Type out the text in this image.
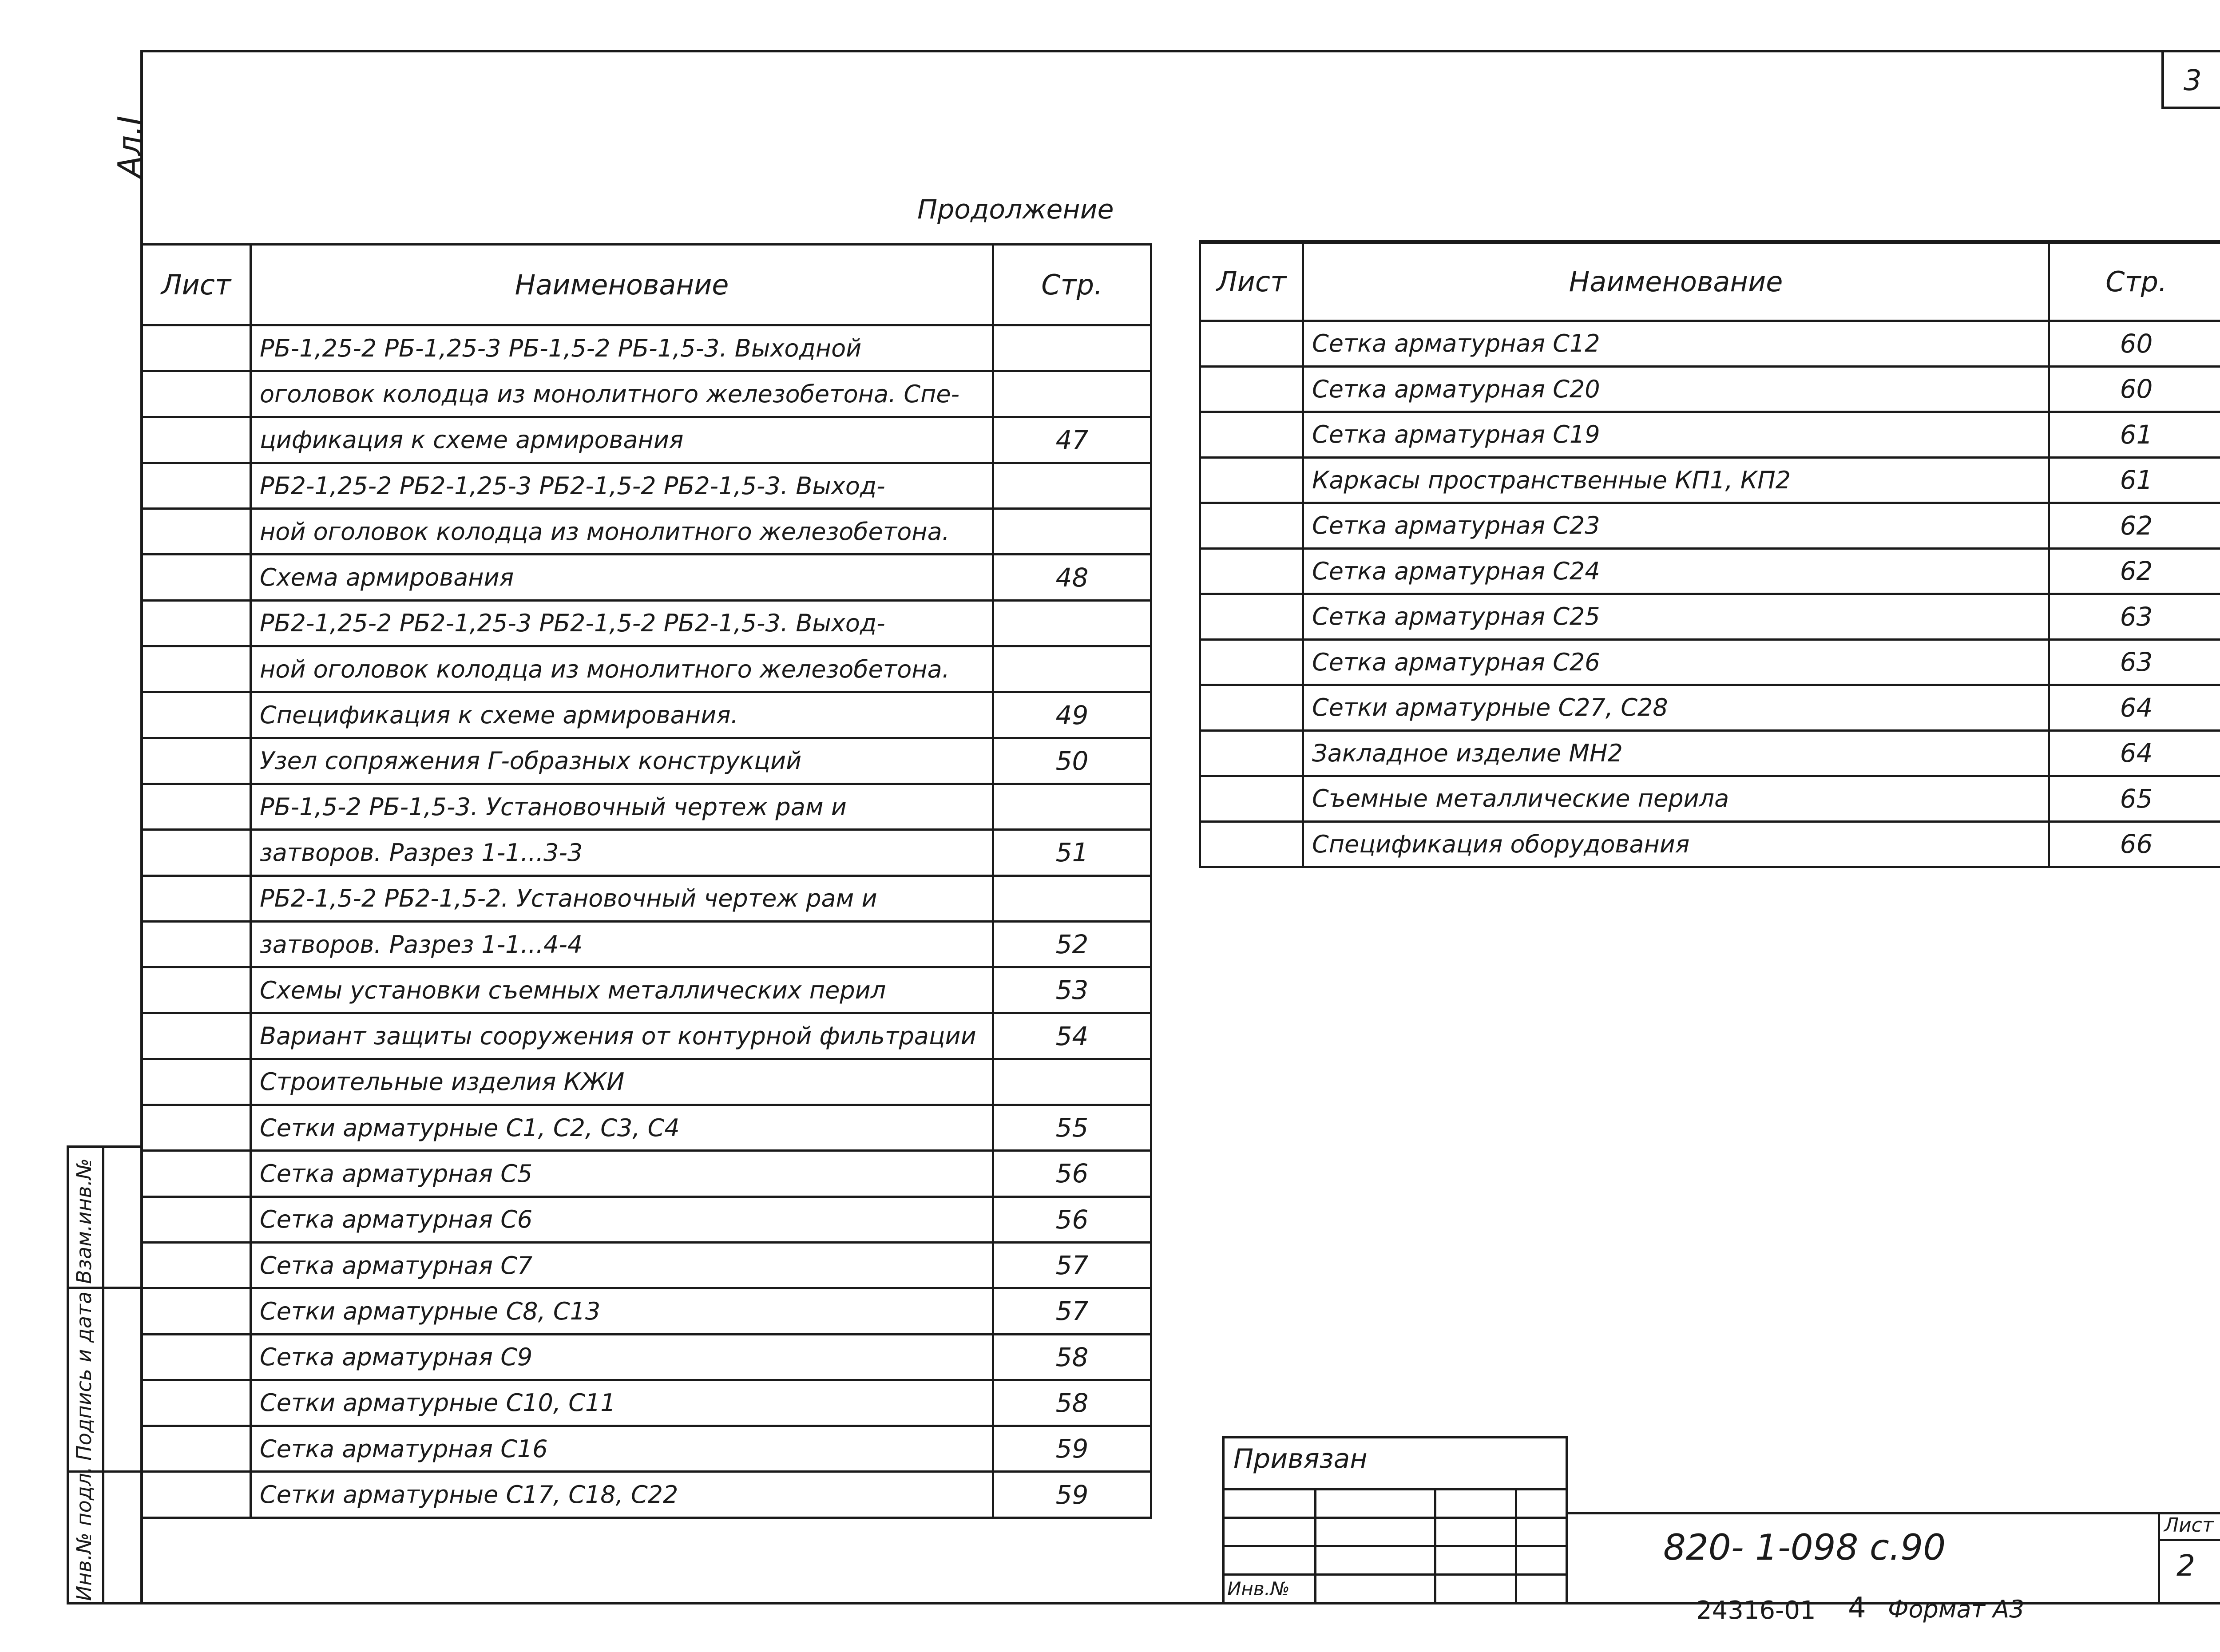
3
Ал.I
Продолжение
Лист	Наименование	Стр.
	РБ-1,25-2 РБ-1,25-3 РБ-1,5-2 РБ-1,5-3. Выходной	
	оголовок колодца из монолитного железобетона. Спе-	
	цификация к схеме армирования	47
	РБ2-1,25-2 РБ2-1,25-3 РБ2-1,5-2 РБ2-1,5-3. Выход-	
	ной оголовок колодца из монолитного железобетона.	
	Схема армирования	48
	РБ2-1,25-2 РБ2-1,25-3 РБ2-1,5-2 РБ2-1,5-3. Выход-	
	ной оголовок колодца из монолитного железобетона.	
	Спецификация к схеме армирования.	49
	Узел сопряжения Г-образных конструкций	50
	РБ-1,5-2 РБ-1,5-3. Установочный чертеж рам и	
	затворов. Разрез 1-1...3-3	51
	РБ2-1,5-2 РБ2-1,5-2. Установочный чертеж рам и	
	затворов. Разрез 1-1...4-4	52
	Схемы установки съемных металлических перил	53
	Вариант защиты сооружения от контурной фильтрации	54
	Строительные изделия КЖИ	
	Сетки арматурные С1, С2, С3, С4	55
	Сетка арматурная С5	56
	Сетка арматурная С6	56
	Сетка арматурная С7	57
	Сетки арматурные С8, С13	57
	Сетка арматурная С9	58
	Сетки арматурные С10, С11	58
	Сетка арматурная С16	59
	Сетки арматурные С17, С18, С22	59
Лист	Наименование	Стр.
	Сетка арматурная С12	60
	Сетка арматурная С20	60
	Сетка арматурная С19	61
	Каркасы пространственные КП1, КП2	61
	Сетка арматурная С23	62
	Сетка арматурная С24	62
	Сетка арматурная С25	63
	Сетка арматурная С26	63
	Сетки арматурные С27, С28	64
	Закладное изделие МН2	64
	Съемные металлические перила	65
	Спецификация оборудования	66
Взам.инв.№
Подпись и дата
Инв.№ подл.
Привязан
Инв.№
820- 1-098 с.90
Лист
2
24316-01 4 Формат А3
